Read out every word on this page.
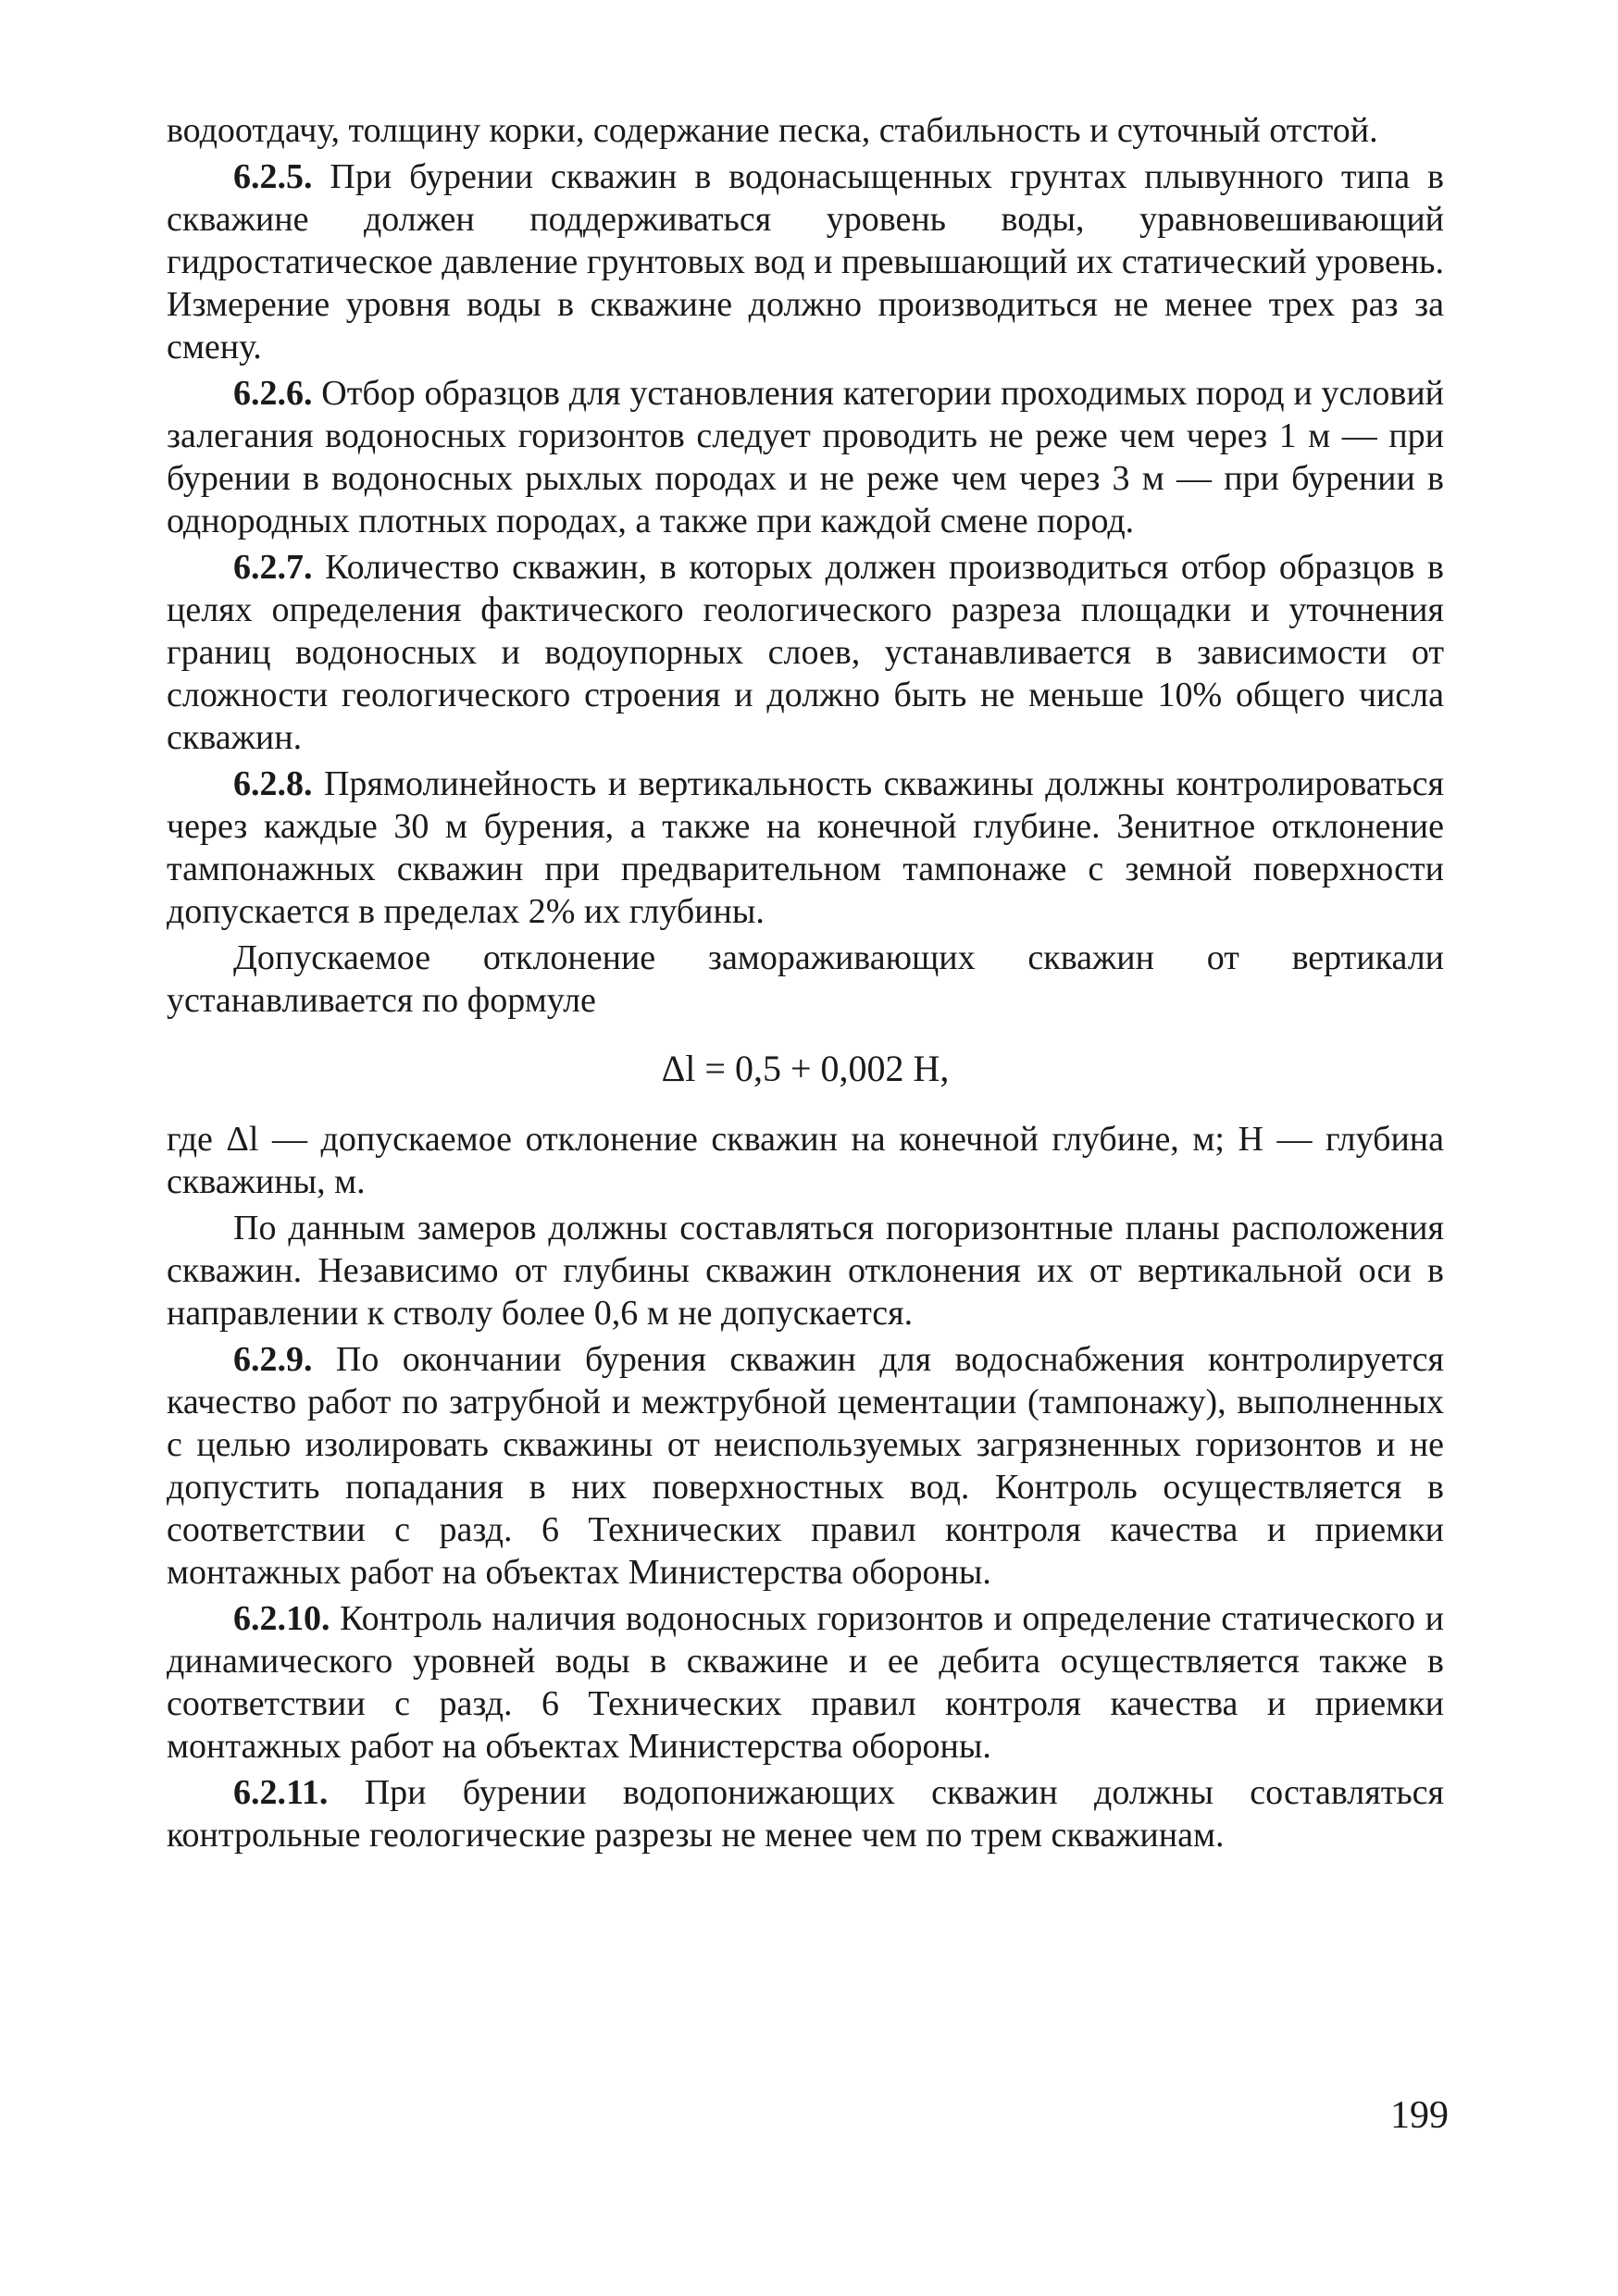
водоотдачу, толщину корки, содержание песка, стабильность и суточный отстой.

6.2.5. При бурении скважин в водонасыщенных грунтах плывунного типа в скважине должен поддерживаться уровень воды, уравновешивающий гидростатическое давление грунтовых вод и превышающий их статический уровень. Измерение уровня воды в скважине должно производиться не менее трех раз за смену.

6.2.6. Отбор образцов для установления категории проходимых пород и условий залегания водоносных горизонтов следует проводить не реже чем через 1 м — при бурении в водоносных рыхлых породах и не реже чем через 3 м — при бурении в однородных плотных породах, а также при каждой смене пород.

6.2.7. Количество скважин, в которых должен производиться отбор образцов в целях определения фактического геологического разреза площадки и уточнения границ водоносных и водоупорных слоев, устанавливается в зависимости от сложности геологического строения и должно быть не меньше 10% общего числа скважин.

6.2.8. Прямолинейность и вертикальность скважины должны контролироваться через каждые 30 м бурения, а также на конечной глубине. Зенитное отклонение тампонажных скважин при предварительном тампонаже с земной поверхности допускается в пределах 2% их глубины.

Допускаемое отклонение замораживающих скважин от вертикали устанавливается по формуле

Δl = 0,5 + 0,002 H,

где Δl — допускаемое отклонение скважин на конечной глубине, м; H — глубина скважины, м.

По данным замеров должны составляться погоризонтные планы расположения скважин. Независимо от глубины скважин отклонения их от вертикальной оси в направлении к стволу более 0,6 м не допускается.

6.2.9. По окончании бурения скважин для водоснабжения контролируется качество работ по затрубной и межтрубной цементации (тампонажу), выполненных с целью изолировать скважины от неиспользуемых загрязненных горизонтов и не допустить попадания в них поверхностных вод. Контроль осуществляется в соответствии с разд. 6 Технических правил контроля качества и приемки монтажных работ на объектах Министерства обороны.

6.2.10. Контроль наличия водоносных горизонтов и определение статического и динамического уровней воды в скважине и ее дебита осуществляется также в соответствии с разд. 6 Технических правил контроля качества и приемки монтажных работ на объектах Министерства обороны.

6.2.11. При бурении водопонижающих скважин должны составляться контрольные геологические разрезы не менее чем по трем скважинам.

199
